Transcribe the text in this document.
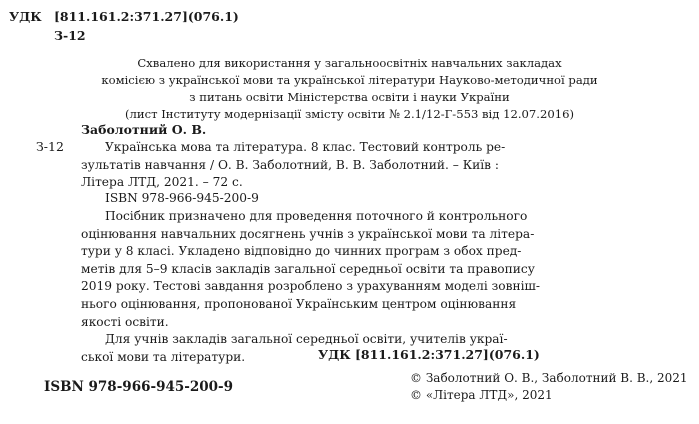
УДК [811.161.2:371.27](076.1)
З-12
Схвалено для використання у загальноосвітніх навчальних закладах
комісією з української мови та української літератури Науково-методичної ради
з питань освіти Міністерства освіти і науки України
(лист Інституту модернізації змісту освіти № 2.1/12-Г-553 від 12.07.2016)
Заболотний О. В.
З-12	Українська мова та література. 8 клас. Тестовий контроль ре-
зультатів навчання / О. В. Заболотний, В. В. Заболотний. – Київ :
Літера ЛТД, 2021. – 72 с.
ISBN 978-966-945-200-9
Посібник призначено для проведення поточного й контрольного
оцінювання навчальних досягнень учнів з української мови та літера-
тури у 8 класі. Укладено відповідно до чинних програм з обох пред-
метів для 5–9 класів закладів загальної середньої освіти та правопису
2019 року. Тестові завдання розроблено з урахуванням моделі зовніш-
нього оцінювання, пропонованої Українським центром оцінювання
якості освіти.
Для учнів закладів загальної середньої освіти, учителів украї-
ської мови та літератури.	УДК [811.161.2:371.27](076.1)
ISBN 978-966-945-200-9
© Заболотний О. В., Заболотний В. В., 2021
© «Літера ЛТД», 2021
